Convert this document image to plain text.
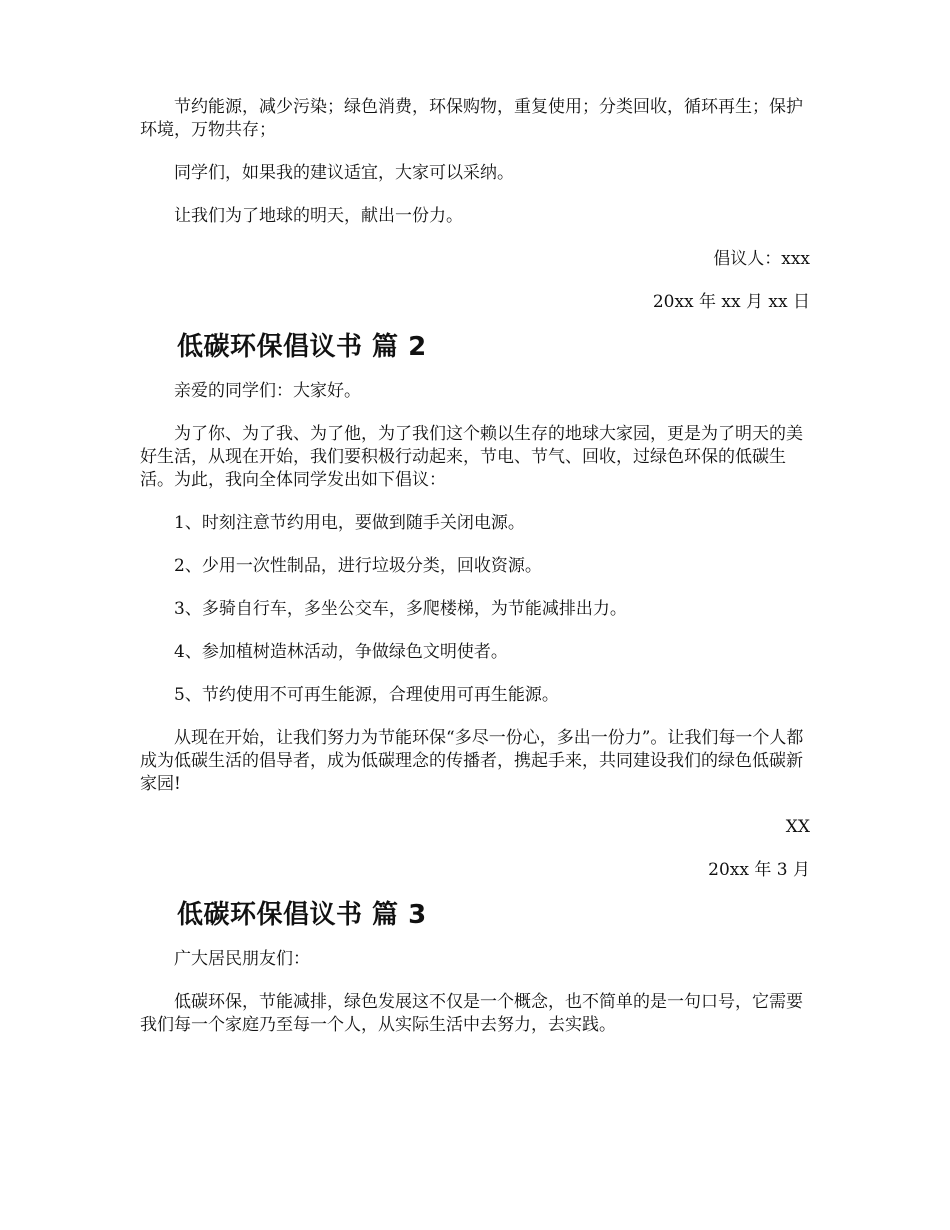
节约能源，减少污染；绿色消费，环保购物，重复使用；分类回收，循环再生；保护环境，万物共存；

同学们，如果我的建议适宜，大家可以采纳。

让我们为了地球的明天，献出一份力。

倡议人：xxx

20xx 年 xx 月 xx 日

低碳环保倡议书 篇 2

亲爱的同学们：大家好。

为了你、为了我、为了他，为了我们这个赖以生存的地球大家园，更是为了明天的美好生活，从现在开始，我们要积极行动起来，节电、节气、回收，过绿色环保的低碳生活。为此，我向全体同学发出如下倡议：

1、时刻注意节约用电，要做到随手关闭电源。

2、少用一次性制品，进行垃圾分类，回收资源。

3、多骑自行车，多坐公交车，多爬楼梯，为节能减排出力。

4、参加植树造林活动，争做绿色文明使者。

5、节约使用不可再生能源，合理使用可再生能源。

从现在开始，让我们努力为节能环保“多尽一份心，多出一份力”。让我们每一个人都成为低碳生活的倡导者，成为低碳理念的传播者，携起手来，共同建设我们的绿色低碳新家园!

XX

20xx 年 3 月

低碳环保倡议书 篇 3

广大居民朋友们：

低碳环保，节能减排，绿色发展这不仅是一个概念，也不简单的是一句口号，它需要我们每一个家庭乃至每一个人，从实际生活中去努力，去实践。
